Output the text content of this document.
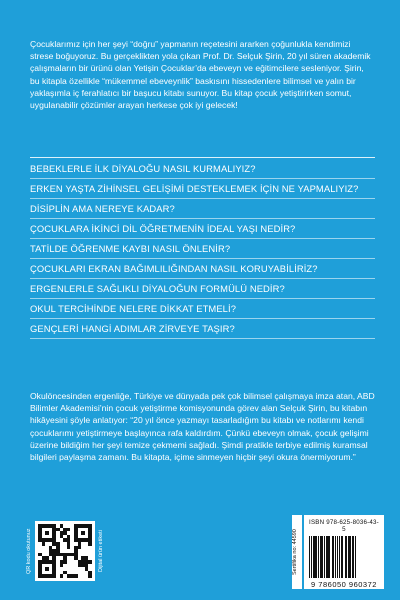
Çocuklarımız için her şeyi “doğru” yapmanın reçetesini ararken çoğunlukla kendimizi strese boğuyoruz. Bu gerçeklikten yola çıkan Prof. Dr. Selçuk Şirin, 20 yıl süren akademik çalışmaların bir ürünü olan Yetişin Çocuklar’da ebeveyn ve eğitimcilere sesleniyor. Şirin, bu kitapla özellikle “mükemmel ebeveynlik” baskısını hissedenlere bilimsel ve yalın bir yaklaşımla iç ferahlatıcı bir başucu kitabı sunuyor. Bu kitap çocuk yetiştirirken somut, uygulanabilir çözümler arayan herkese çok iyi gelecek!

BEBEKLERLE İLK DİYALOĞU NASIL KURMALIYIZ?
ERKEN YAŞTA ZİHİNSEL GELİŞİMİ DESTEKLEMEK İÇİN NE YAPMALIYIZ?
DİSİPLİN AMA NEREYE KADAR?
ÇOCUKLARA İKİNCİ DİL ÖĞRETMENİN İDEAL YAŞI NEDİR?
TATİLDE ÖĞRENME KAYBI NASIL ÖNLENİR?
ÇOCUKLARI EKRAN BAĞIMLILIĞINDAN NASIL KORUYABİLİRİZ?
ERGENLERLE SAĞLIKLI DİYALOĞUN FORMÜLÜ NEDİR?
OKUL TERCİHİNDE NELERE DİKKAT ETMELİ?
GENÇLERİ HANGİ ADIMLAR ZİRVEYE TAŞIR?

Okulöncesinden ergenliğe, Türkiye ve dünyada pek çok bilimsel çalışmaya imza atan, ABD Bilimler Akademisi’nin çocuk yetiştirme komisyonunda görev alan Selçuk Şirin, bu kitabın hikâyesini şöyle anlatıyor: “20 yıl önce yazmayı tasarladığım bu kitabı ve notlarımı kendi çocuklarımı yetiştirmeye başlayınca rafa kaldırdım. Çünkü ebeveyn olmak, çocuk gelişimi üzerine bildiğim her şeyi temize çekmemi sağladı. Şimdi pratikle terbiye edilmiş kuramsal bilgileri paylaşma zamanı. Bu kitapta, içime sinmeyen hiçbir şeyi okura önermiyorum.”

QR kodu okutunuz	Dijital ürün etiketi	Sertifika no: 44590
ISBN 978-625-8036-43-5
9 786050 960372
